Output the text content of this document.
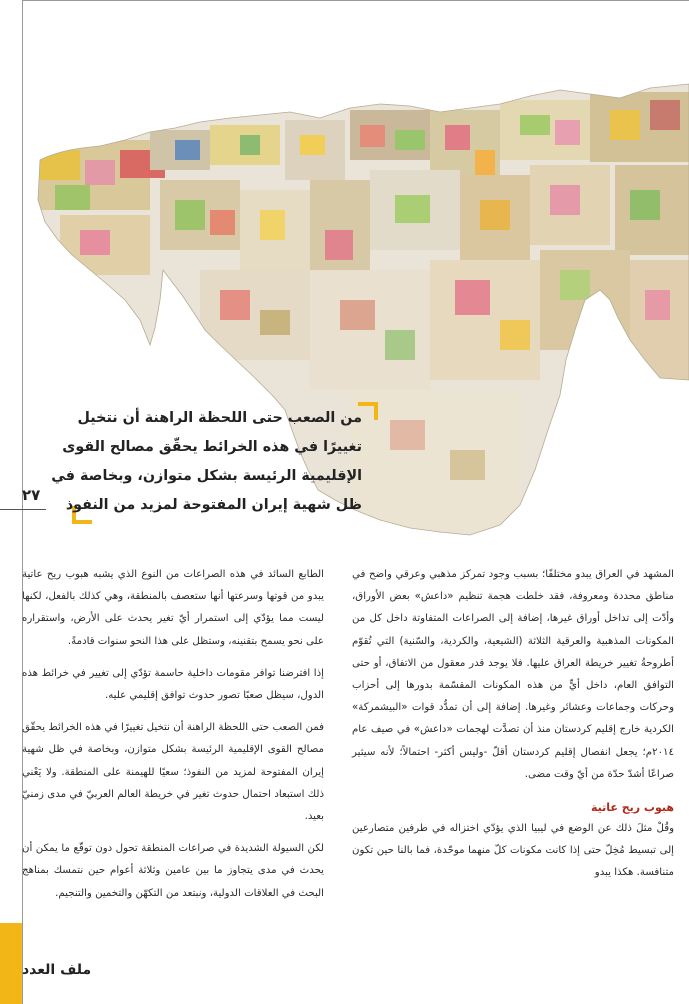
من الصعب حتى اللحظة الراهنة أن نتخيل
تغييرًا في هذه الخرائط يحقّق مصالح القوى
الإقليمية الرئيسة بشكل متوازن، وبخاصة في
ظل شهية إيران المفتوحة لمزيد من النفوذ
٢٧

المشهد في العراق يبدو مختلفًا؛ بسبب وجود تمركز مذهبي وعرقي واضح في مناطق محددة ومعروفة، فقد خلطت هجمة تنظيم «داعش» بعض الأوراق، وأدّت إلى تداخل أوراق غيرها، إضافة إلى الصراعات المتفاوتة داخل كل من المكونات المذهبية والعرقية الثلاثة (الشيعية، والكردية، والسّنية) التي تُقوّم أطروحةُ تغيير خريطة العراق عليها. فلا يوجد قدر معقول من الاتفاق، أو حتى التوافق العام، داخل أيٍّ من هذه المكونات المقسّمة بدورها إلى أحزاب وحركات وجماعات وعشائر وغيرها. إضافة إلى أن تمدُّد قوات «البيشمركة» الكردية خارج إقليم كردستان منذ أن تصدَّت لهجمات «داعش» في صيف عام ٢٠١٤م؛ يجعل انفصال إقليم كردستان أقلّ -وليس أكثر- احتمالاً؛ لأنه سيثير صراعًا أشدّ حدّة من أيّ وقت مضى.

هبوب ريح عاتية

وقُلْ مثلَ ذلك عن الوضع في ليبيا الذي يؤدّي اختزاله في طرفين متصارعين إلى تبسيط مُخِلّ حتى إذا كانت مكونات كلّ منهما موحّدة، فما بالنا حين تكون متنافسة. هكذا يبدو

الطابع السائد في هذه الصراعات من النوع الذي يشبه هبوب ريح عاتية يبدو من قوتها وسرعتها أنها ستعصف بالمنطقة، وهي كذلك بالفعل، لكنها ليست مما يؤدّي إلى استمرار أيّ تغير يحدث على الأرض، واستقراره على نحو يسمح بتقنينه، وستظل على هذا النحو سنوات قادمةً.

إذا افترضنا توافر مقومات داخلية حاسمة تؤدّي إلى تغيير في خرائط هذه الدول، سيظل صعبًا تصور حدوث توافق إقليمي عليه.

فمن الصعب حتى اللحظة الراهنة أن نتخيل تغييرًا في هذه الخرائط يحقّق مصالح القوى الإقليمية الرئيسة بشكل متوازن، وبخاصة في ظل شهية إيران المفتوحة لمزيد من النفوذ؛ سعيًا للهيمنة على المنطقة. ولا يَعْني ذلك استبعاد احتمال حدوث تغير في خريطة العالم العربيّ في مدى زمنيّ بعيد.

لكن السيولة الشديدة في صراعات المنطقة تحول دون توقّع ما يمكن أن يحدث في مدى يتجاوز ما بين عامين وثلاثة أعوام حين نتمسك بمناهج البحث في العلاقات الدولية، ونبتعد من التكهّن والتخمين والتنجيم.

ملف العدد
